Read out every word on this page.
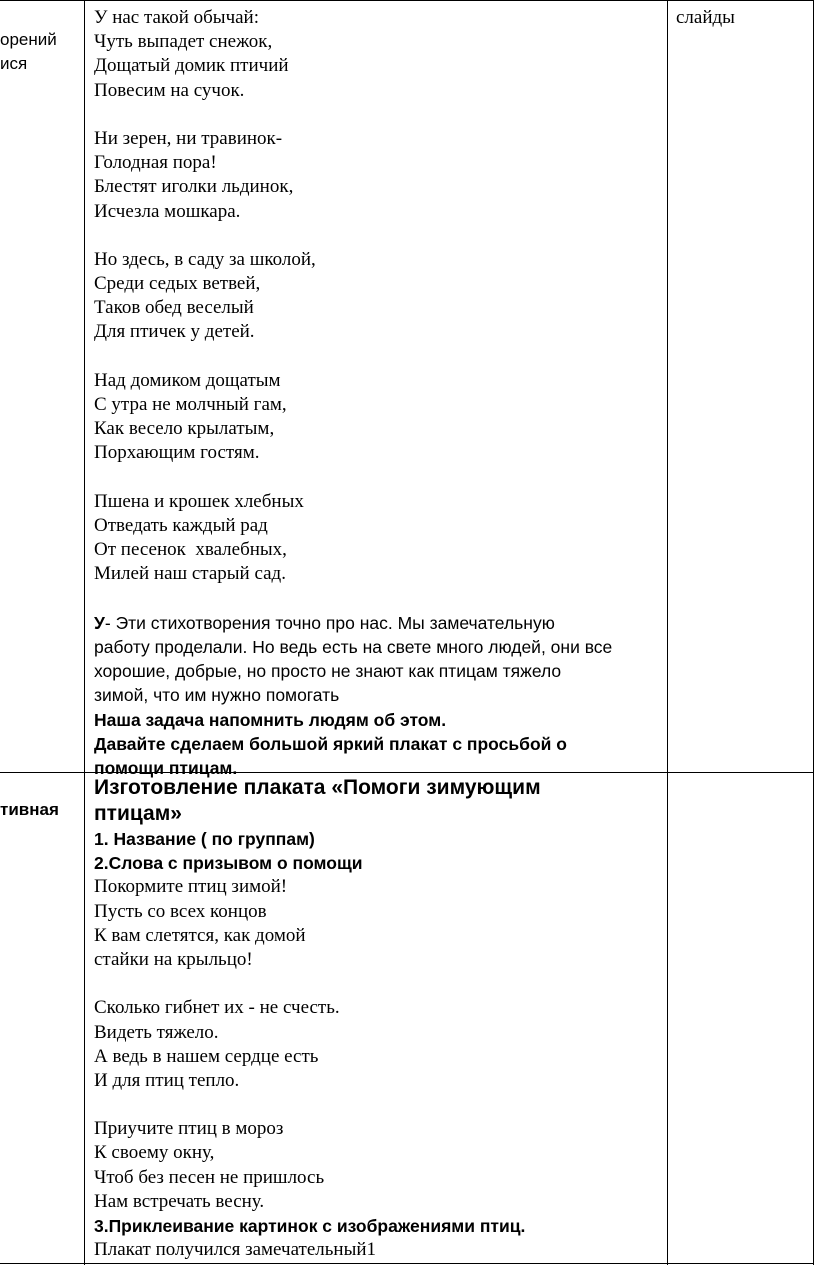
орений
ися
У нас такой обычай:
Чуть выпадет снежок,
Дощатый домик птичий
Повесим на сучок.
Ни зерен, ни травинок-
Голодная пора!
Блестят иголки льдинок,
Исчезла мошкара.
Но здесь, в саду за школой,
Среди седых ветвей,
Таков обед веселый
Для птичек у детей.
Над домиком дощатым
С утра не молчный гам,
Как весело крылатым,
Порхающим гостям.
Пшена и крошек хлебных
Отведать каждый рад
От песенок  хвалебных,
Милей наш старый сад.
У- Эти стихотворения точно про нас. Мы замечательную
работу проделали. Но ведь есть на свете много людей, они все
хорошие, добрые, но просто не знают как птицам тяжело
зимой, что им нужно помогать
Наша задача напомнить людям об этом.
Давайте сделаем большой яркий плакат с просьбой о
помощи птицам.
слайды
тивная
Изготовление плаката «Помоги зимующим
птицам»
1. Название ( по группам)
2.Слова с призывом о помощи
Покормите птиц зимой!
Пусть со всех концов
К вам слетятся, как домой
стайки на крыльцо!
Сколько гибнет их - не счесть.
Видеть тяжело.
А ведь в нашем сердце есть
И для птиц тепло.
Приучите птиц в мороз
К своему окну,
Чтоб без песен не пришлось
Нам встречать весну.
3.Приклеивание картинок с изображениями птиц.
Плакат получился замечательный1
